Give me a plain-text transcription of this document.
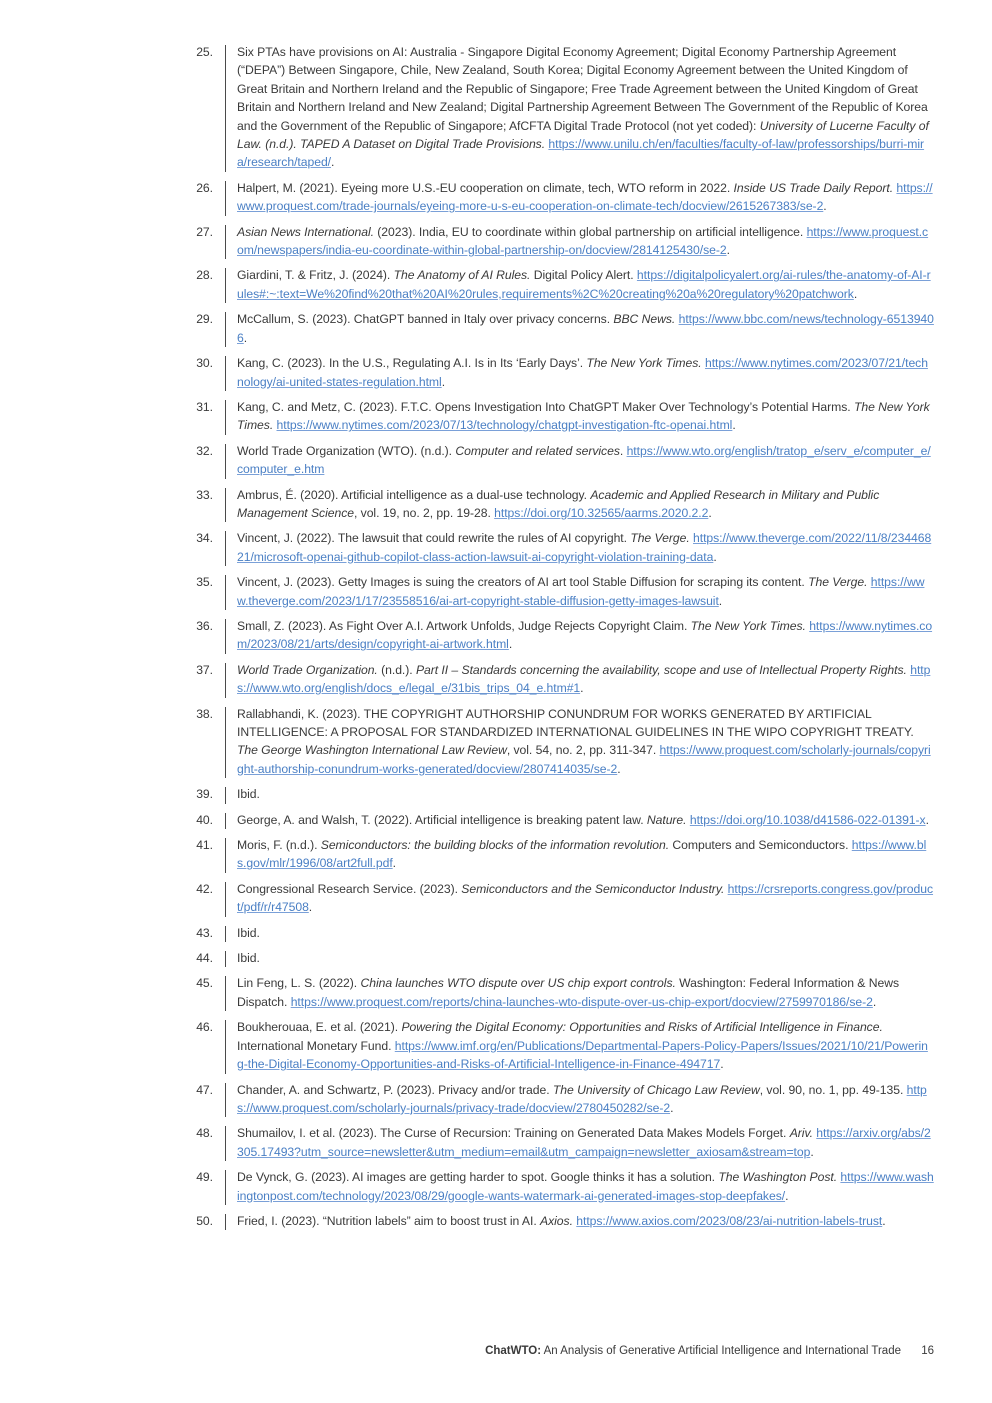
25. Six PTAs have provisions on AI: Australia - Singapore Digital Economy Agreement; Digital Economy Partnership Agreement (“DEPA”) Between Singapore, Chile, New Zealand, South Korea; Digital Economy Agreement between the United Kingdom of Great Britain and Northern Ireland and the Republic of Singapore; Free Trade Agreement between the United Kingdom of Great Britain and Northern Ireland and New Zealand; Digital Partnership Agreement Between The Government of the Republic of Korea and the Government of the Republic of Singapore; AfCFTA Digital Trade Protocol (not yet coded): University of Lucerne Faculty of Law. (n.d.). TAPED A Dataset on Digital Trade Provisions. https://www.unilu.ch/en/faculties/faculty-of-law/professorships/burri-mira/research/taped/.
26. Halpert, M. (2021). Eyeing more U.S.-EU cooperation on climate, tech, WTO reform in 2022. Inside US Trade Daily Report. https://www.proquest.com/trade-journals/eyeing-more-u-s-eu-cooperation-on-climate-tech/docview/2615267383/se-2.
27. Asian News International. (2023). India, EU to coordinate within global partnership on artificial intelligence. https://www.proquest.com/newspapers/india-eu-coordinate-within-global-partnership-on/docview/2814125430/se-2.
28. Giardini, T. & Fritz, J. (2024). The Anatomy of AI Rules. Digital Policy Alert. https://digitalpolicyalert.org/ai-rules/the-anatomy-of-AI-rules#:~:text=We%20find%20that%20AI%20rules,requirements%2C%20creating%20a%20regulatory%20patchwork.
29. McCallum, S. (2023). ChatGPT banned in Italy over privacy concerns. BBC News. https://www.bbc.com/news/technology-65139406.
30. Kang, C. (2023). In the U.S., Regulating A.I. Is in Its ‘Early Days’. The New York Times. https://www.nytimes.com/2023/07/21/technology/ai-united-states-regulation.html.
31. Kang, C. and Metz, C. (2023). F.T.C. Opens Investigation Into ChatGPT Maker Over Technology’s Potential Harms. The New York Times. https://www.nytimes.com/2023/07/13/technology/chatgpt-investigation-ftc-openai.html.
32. World Trade Organization (WTO). (n.d.). Computer and related services. https://www.wto.org/english/tratop_e/serv_e/computer_e/computer_e.htm
33. Ambrus, É. (2020). Artificial intelligence as a dual-use technology. Academic and Applied Research in Military and Public Management Science, vol. 19, no. 2, pp. 19-28. https://doi.org/10.32565/aarms.2020.2.2.
34. Vincent, J. (2022). The lawsuit that could rewrite the rules of AI copyright. The Verge. https://www.theverge.com/2022/11/8/23446821/microsoft-openai-github-copilot-class-action-lawsuit-ai-copyright-violation-training-data.
35. Vincent, J. (2023). Getty Images is suing the creators of AI art tool Stable Diffusion for scraping its content. The Verge. https://www.theverge.com/2023/1/17/23558516/ai-art-copyright-stable-diffusion-getty-images-lawsuit.
36. Small, Z. (2023). As Fight Over A.I. Artwork Unfolds, Judge Rejects Copyright Claim. The New York Times. https://www.nytimes.com/2023/08/21/arts/design/copyright-ai-artwork.html.
37. World Trade Organization. (n.d.). Part II – Standards concerning the availability, scope and use of Intellectual Property Rights. https://www.wto.org/english/docs_e/legal_e/31bis_trips_04_e.htm#1.
38. Rallabhandi, K. (2023). THE COPYRIGHT AUTHORSHIP CONUNDRUM FOR WORKS GENERATED BY ARTIFICIAL INTELLIGENCE: A PROPOSAL FOR STANDARDIZED INTERNATIONAL GUIDELINES IN THE WIPO COPYRIGHT TREATY. The George Washington International Law Review, vol. 54, no. 2, pp. 311-347. https://www.proquest.com/scholarly-journals/copyright-authorship-conundrum-works-generated/docview/2807414035/se-2.
39. Ibid.
40. George, A. and Walsh, T. (2022). Artificial intelligence is breaking patent law. Nature. https://doi.org/10.1038/d41586-022-01391-x.
41. Moris, F. (n.d.). Semiconductors: the building blocks of the information revolution. Computers and Semiconductors. https://www.bls.gov/mlr/1996/08/art2full.pdf.
42. Congressional Research Service. (2023). Semiconductors and the Semiconductor Industry. https://crsreports.congress.gov/product/pdf/r/r47508.
43. Ibid.
44. Ibid.
45. Lin Feng, L. S. (2022). China launches WTO dispute over US chip export controls. Washington: Federal Information & News Dispatch. https://www.proquest.com/reports/china-launches-wto-dispute-over-us-chip-export/docview/2759970186/se-2.
46. Boukherouaa, E. et al. (2021). Powering the Digital Economy: Opportunities and Risks of Artificial Intelligence in Finance. International Monetary Fund. https://www.imf.org/en/Publications/Departmental-Papers-Policy-Papers/Issues/2021/10/21/Powering-the-Digital-Economy-Opportunities-and-Risks-of-Artificial-Intelligence-in-Finance-494717.
47. Chander, A. and Schwartz, P. (2023). Privacy and/or trade. The University of Chicago Law Review, vol. 90, no. 1, pp. 49-135. https://www.proquest.com/scholarly-journals/privacy-trade/docview/2780450282/se-2.
48. Shumailov, I. et al. (2023). The Curse of Recursion: Training on Generated Data Makes Models Forget. Ariv. https://arxiv.org/abs/2305.17493?utm_source=newsletter&utm_medium=email&utm_campaign=newsletter_axiosam&stream=top.
49. De Vynck, G. (2023). AI images are getting harder to spot. Google thinks it has a solution. The Washington Post. https://www.washingtonpost.com/technology/2023/08/29/google-wants-watermark-ai-generated-images-stop-deepfakes/.
50. Fried, I. (2023). “Nutrition labels” aim to boost trust in AI. Axios. https://www.axios.com/2023/08/23/ai-nutrition-labels-trust.
ChatWTO: An Analysis of Generative Artificial Intelligence and International Trade 16
